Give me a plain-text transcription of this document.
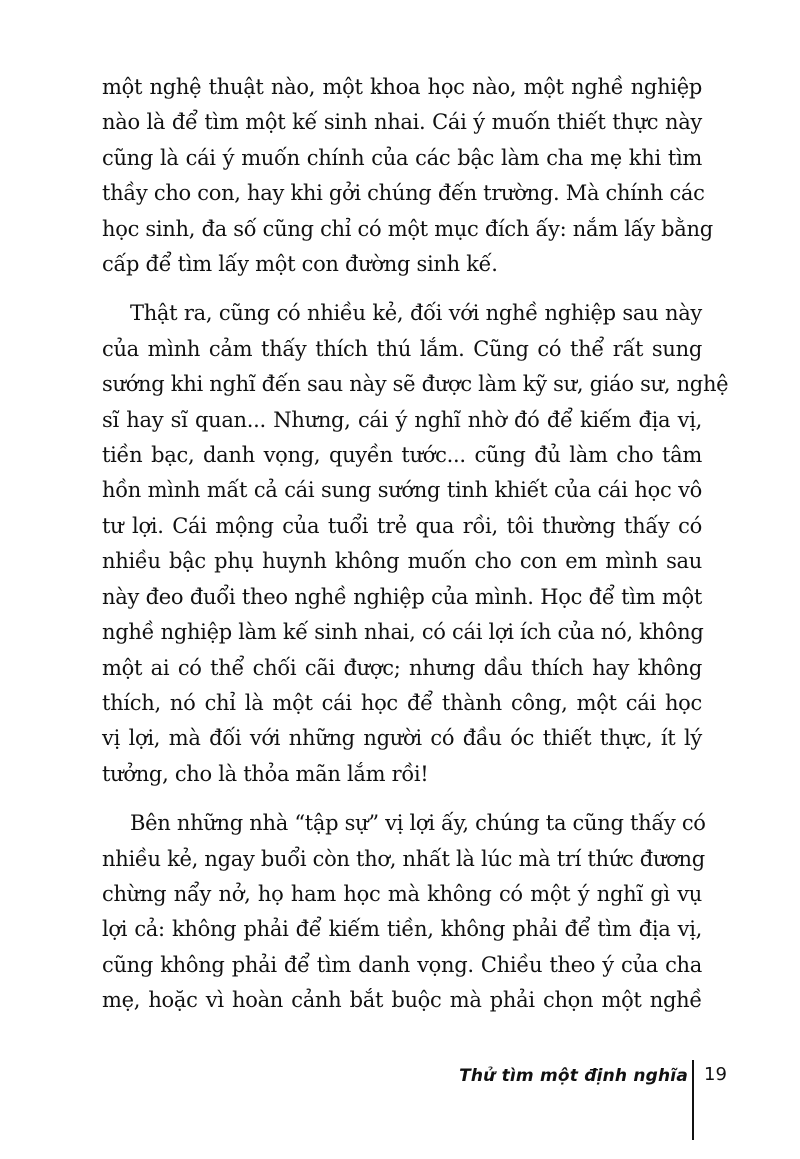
một nghệ thuật nào, một khoa học nào, một nghề nghiệp
nào là để tìm một kế sinh nhai. Cái ý muốn thiết thực này
cũng là cái ý muốn chính của các bậc làm cha mẹ khi tìm
thầy cho con, hay khi gởi chúng đến trường. Mà chính các
học sinh, đa số cũng chỉ có một mục đích ấy: nắm lấy bằng
cấp để tìm lấy một con đường sinh kế.
Thật ra, cũng có nhiều kẻ, đối với nghề nghiệp sau này
của mình cảm thấy thích thú lắm. Cũng có thể rất sung
sướng khi nghĩ đến sau này sẽ được làm kỹ sư, giáo sư, nghệ
sĩ hay sĩ quan... Nhưng, cái ý nghĩ nhờ đó để kiếm địa vị,
tiền bạc, danh vọng, quyền tước... cũng đủ làm cho tâm
hồn mình mất cả cái sung sướng tinh khiết của cái học vô
tư lợi. Cái mộng của tuổi trẻ qua rồi, tôi thường thấy có
nhiều bậc phụ huynh không muốn cho con em mình sau
này đeo đuổi theo nghề nghiệp của mình. Học để tìm một
nghề nghiệp làm kế sinh nhai, có cái lợi ích của nó, không
một ai có thể chối cãi được; nhưng dầu thích hay không
thích, nó chỉ là một cái học để thành công, một cái học
vị lợi, mà đối với những người có đầu óc thiết thực, ít lý
tưởng, cho là thỏa mãn lắm rồi!
Bên những nhà “tập sự” vị lợi ấy, chúng ta cũng thấy có
nhiều kẻ, ngay buổi còn thơ, nhất là lúc mà trí thức đương
chừng nẩy nở, họ ham học mà không có một ý nghĩ gì vụ
lợi cả: không phải để kiếm tiền, không phải để tìm địa vị,
cũng không phải để tìm danh vọng. Chiều theo ý của cha
mẹ, hoặc vì hoàn cảnh bắt buộc mà phải chọn một nghề
Thử tìm một định nghĩa 19
